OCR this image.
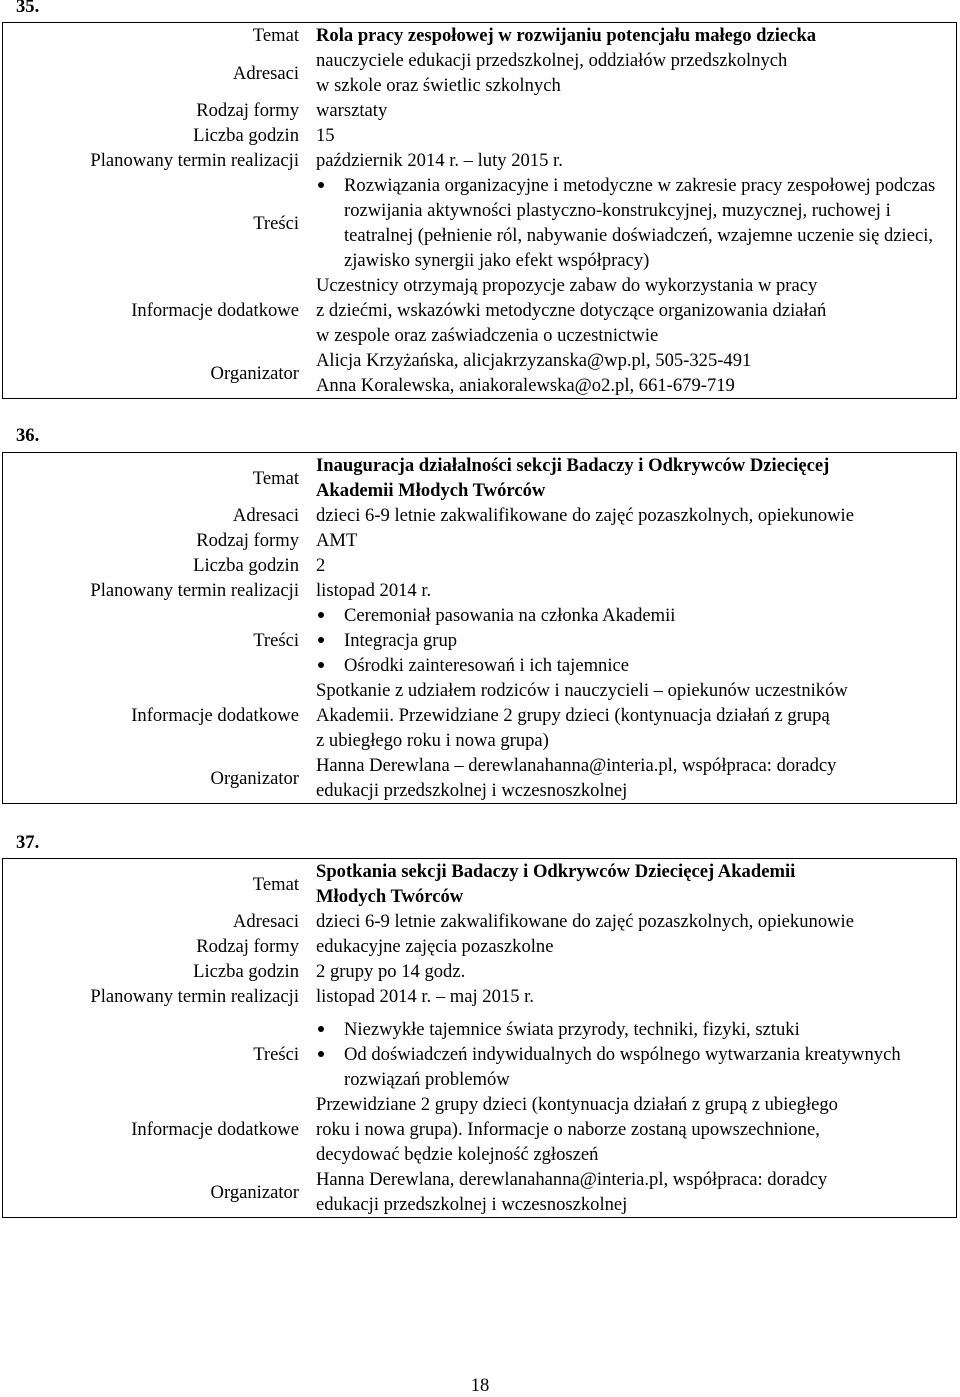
35.
Temat Rola pracy zespołowej w rozwijaniu potencjału małego dziecka
Adresaci
nauczyciele edukacji przedszkolnej, oddziałów przedszkolnych
w szkole oraz świetlic szkolnych
Rodzaj formy warsztaty
Liczba godzin 15
Planowany termin realizacji październik 2014 r. – luty 2015 r.
Treści
Rozwiązania organizacyjne i metodyczne w zakresie pracy zespołowej podczas rozwijania aktywności plastyczno-konstrukcyjnej, muzycznej, ruchowej i teatralnej (pełnienie ról, nabywanie doświadczeń, wzajemne uczenie się dzieci, zjawisko synergii jako efekt współpracy)
Informacje dodatkowe
Uczestnicy otrzymają propozycje zabaw do wykorzystania w pracy
z dziećmi, wskazówki metodyczne dotyczące organizowania działań
w zespole oraz zaświadczenia o uczestnictwie
Organizator
Alicja Krzyżańska, alicjakrzyzanska@wp.pl, 505-325-491
Anna Koralewska, aniakoralewska@o2.pl, 661-679-719
36.
Temat
Inauguracja działalności sekcji Badaczy i Odkrywców Dziecięcej
Akademii Młodych Twórców
Adresaci dzieci 6-9 letnie zakwalifikowane do zajęć pozaszkolnych, opiekunowie
Rodzaj formy AMT
Liczba godzin 2
Planowany termin realizacji listopad 2014 r.
Treści
Ceremoniał pasowania na członka Akademii
Integracja grup
Ośrodki zainteresowań i ich tajemnice
Informacje dodatkowe
Spotkanie z udziałem rodziców i nauczycieli – opiekunów uczestników
Akademii. Przewidziane 2 grupy dzieci (kontynuacja działań z grupą
z ubiegłego roku i nowa grupa)
Organizator
Hanna Derewlana – derewlanahanna@interia.pl, współpraca: doradcy
edukacji przedszkolnej i wczesnoszkolnej
37.
Temat
Spotkania sekcji Badaczy i Odkrywców Dziecięcej Akademii
Młodych Twórców
Adresaci dzieci 6-9 letnie zakwalifikowane do zajęć pozaszkolnych, opiekunowie
Rodzaj formy edukacyjne zajęcia pozaszkolne
Liczba godzin 2 grupy po 14 godz.
Planowany termin realizacji listopad 2014 r. – maj 2015 r.
Treści
Niezwykłe tajemnice świata przyrody, techniki, fizyki, sztuki
Od doświadczeń indywidualnych do wspólnego wytwarzania kreatywnych rozwiązań problemów
Informacje dodatkowe
Przewidziane 2 grupy dzieci (kontynuacja działań z grupą z ubiegłego
roku i nowa grupa). Informacje o naborze zostaną upowszechnione,
decydować będzie kolejność zgłoszeń
Organizator
Hanna Derewlana, derewlanahanna@interia.pl, współpraca: doradcy
edukacji przedszkolnej i wczesnoszkolnej
18
